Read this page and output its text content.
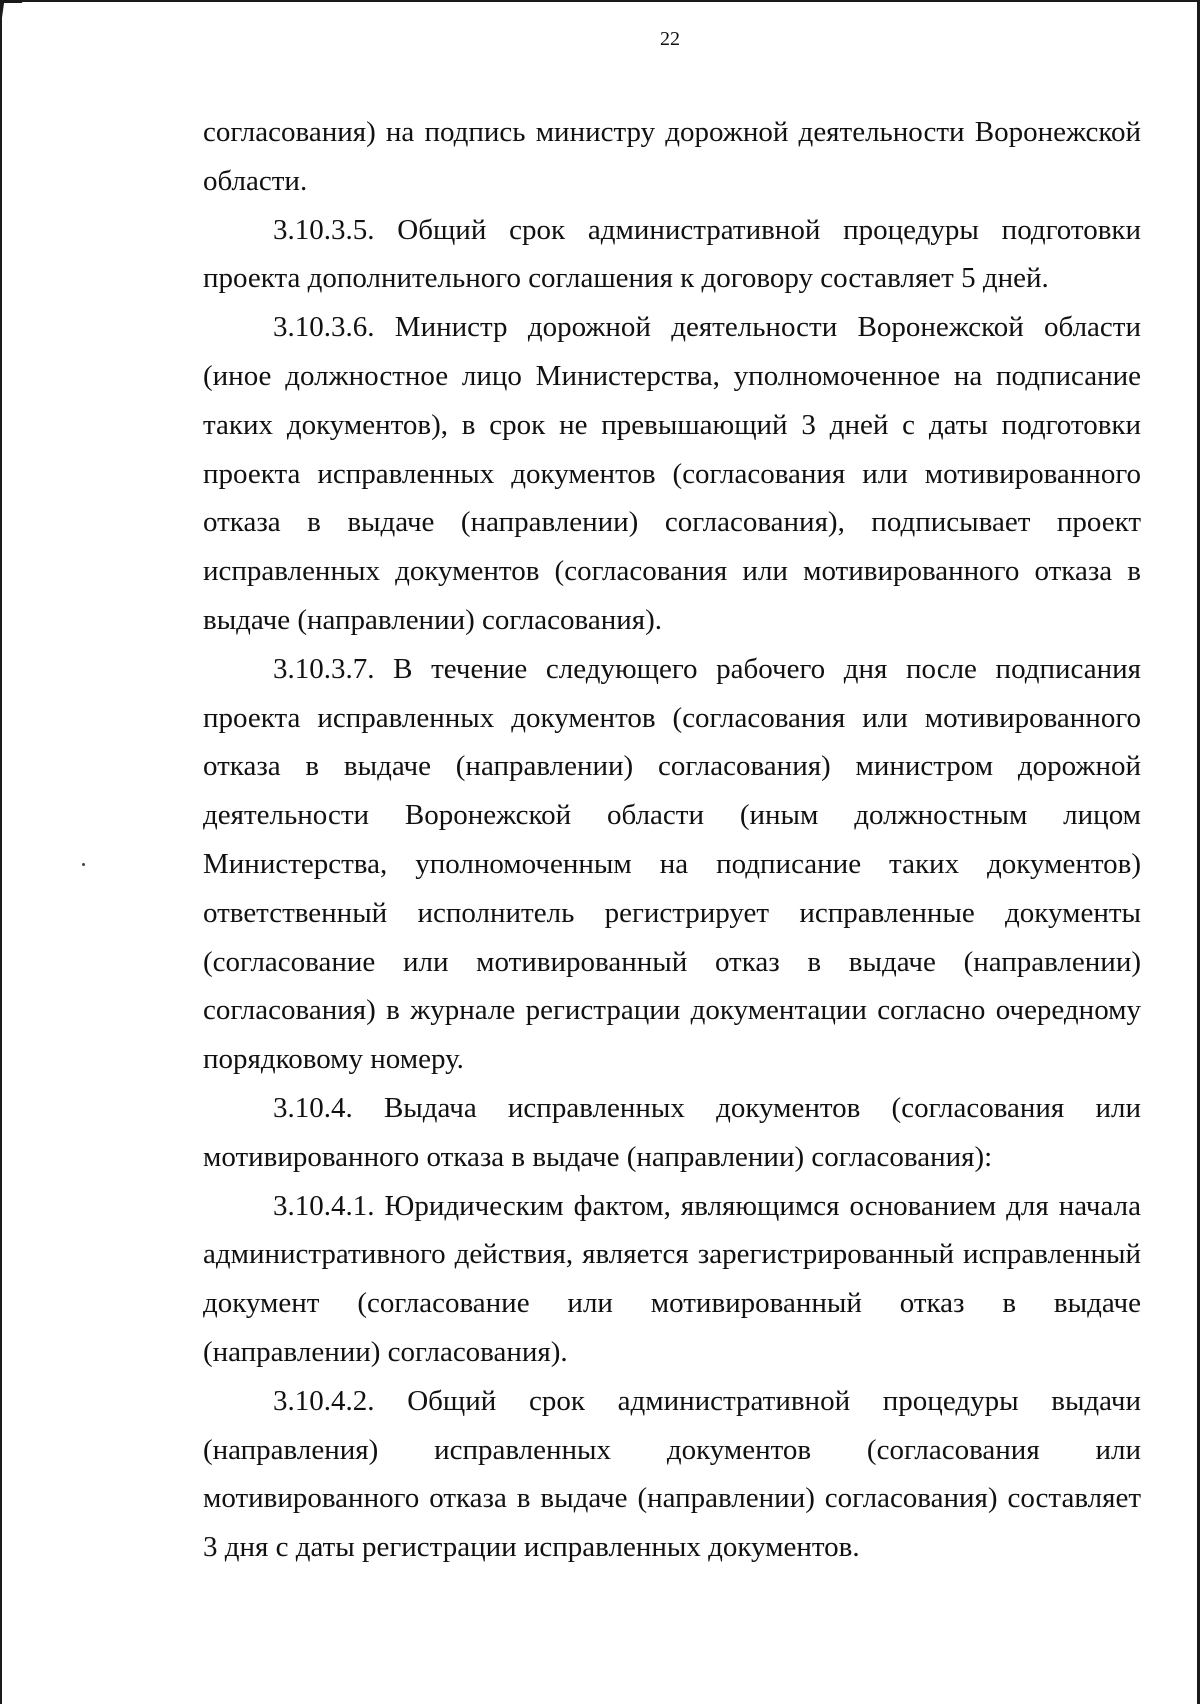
22

согласования) на подпись министру дорожной деятельности Воронежской области.

3.10.3.5. Общий срок административной процедуры подготовки проекта дополнительного соглашения к договору составляет 5 дней.

3.10.3.6. Министр дорожной деятельности Воронежской области (иное должностное лицо Министерства, уполномоченное на подписание таких документов), в срок не превышающий 3 дней с даты подготовки проекта исправленных документов (согласования или мотивированного отказа в выдаче (направлении) согласования), подписывает проект исправленных документов (согласования или мотивированного отказа в выдаче (направлении) согласования).

3.10.3.7. В течение следующего рабочего дня после подписания проекта исправленных документов (согласования или мотивированного отказа в выдаче (направлении) согласования) министром дорожной деятельности Воронежской области (иным должностным лицом Министерства, уполномоченным на подписание таких документов) ответственный исполнитель регистрирует исправленные документы (согласование или мотивированный отказ в выдаче (направлении) согласования) в журнале регистрации документации согласно очередному порядковому номеру.

3.10.4. Выдача исправленных документов (согласования или мотивированного отказа в выдаче (направлении) согласования):

3.10.4.1. Юридическим фактом, являющимся основанием для начала административного действия, является зарегистрированный исправленный документ (согласование или мотивированный отказ в выдаче (направлении) согласования).

3.10.4.2. Общий срок административной процедуры выдачи (направления) исправленных документов (согласования или мотивированного отказа в выдаче (направлении) согласования) составляет 3 дня с даты регистрации исправленных документов.
